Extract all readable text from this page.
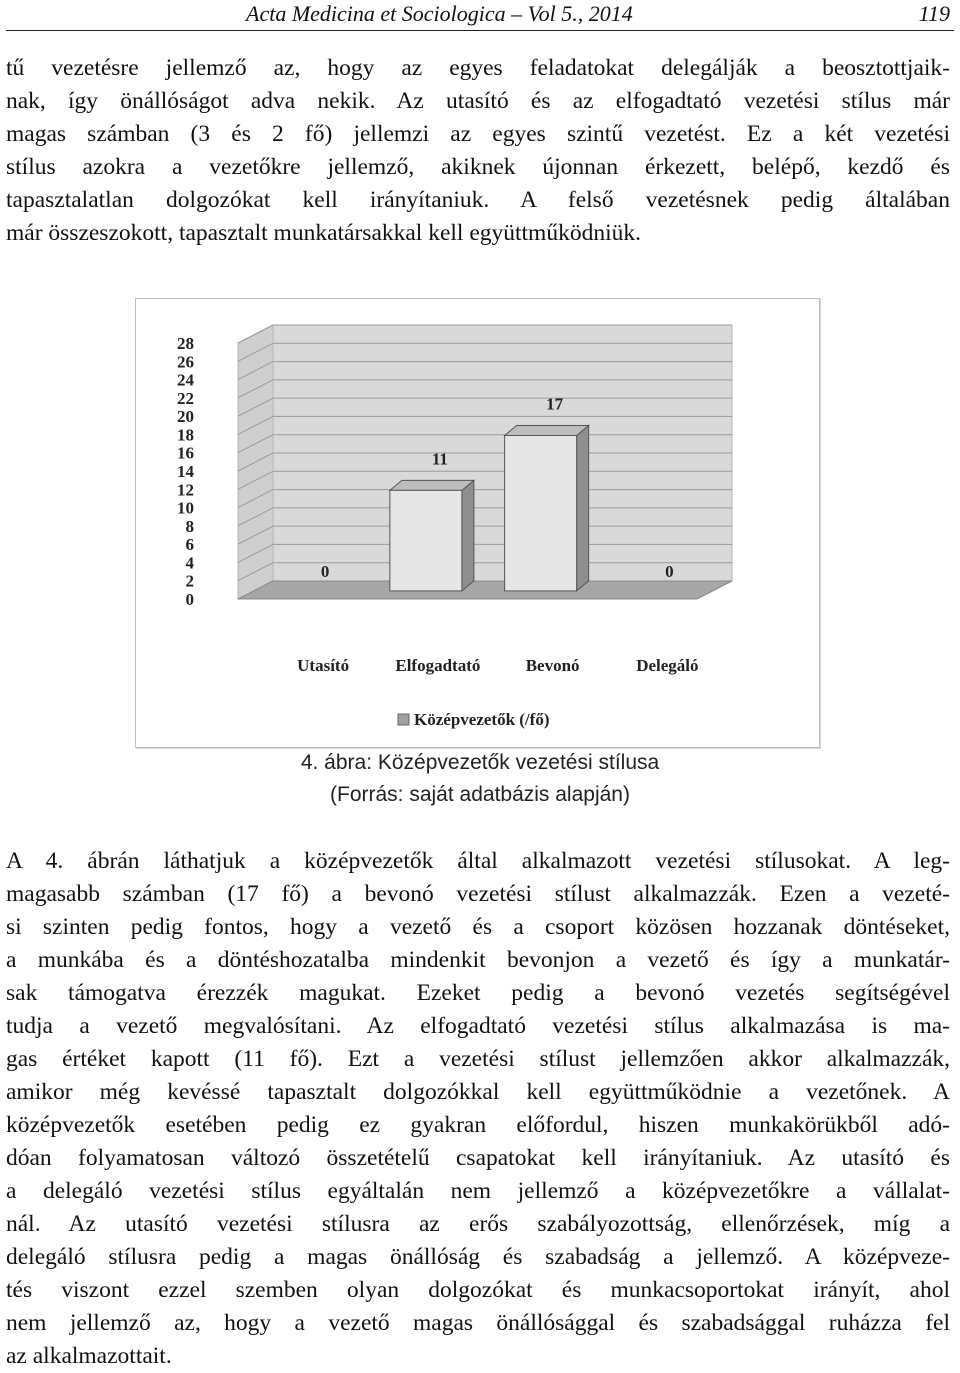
Acta Medicina et Sociologica – Vol 5., 2014	119
tű vezetésre jellemző az, hogy az egyes feladatokat delegálják a beosztottjaik-
nak, így önállóságot adva nekik. Az utasító és az elfogadtató vezetési stílus már
magas számban (3 és 2 fő) jellemzi az egyes szintű vezetést. Ez a két vezetési
stílus azokra a vezetőkre jellemző, akiknek újonnan érkezett, belépő, kezdő és
tapasztalatlan dolgozókat kell irányítaniuk. A felső vezetésnek pedig általában
már összeszokott, tapasztalt munkatársakkal kell együttműködniük.
0
2
4
6
8
10
12
14
16
18
20
22
24
26
28
0
Utasító
11
Elfogadtató
17
Bevonó
0
Delegáló
Középvezetők (/fő)
4. ábra: Középvezetők vezetési stílusa
(Forrás: saját adatbázis alapján)
A 4. ábrán láthatjuk a középvezetők által alkalmazott vezetési stílusokat. A leg-
magasabb számban (17 fő) a bevonó vezetési stílust alkalmazzák. Ezen a vezeté-
si szinten pedig fontos, hogy a vezető és a csoport közösen hozzanak döntéseket,
a munkába és a döntéshozatalba mindenkit bevonjon a vezető és így a munkatár-
sak támogatva érezzék magukat. Ezeket pedig a bevonó vezetés segítségével
tudja a vezető megvalósítani. Az elfogadtató vezetési stílus alkalmazása is ma-
gas értéket kapott (11 fő). Ezt a vezetési stílust jellemzően akkor alkalmazzák,
amikor még kevéssé tapasztalt dolgozókkal kell együttműködnie a vezetőnek. A
középvezetők esetében pedig ez gyakran előfordul, hiszen munkakörükből adó-
dóan folyamatosan változó összetételű csapatokat kell irányítaniuk. Az utasító és
a delegáló vezetési stílus egyáltalán nem jellemző a középvezetőkre a vállalat-
nál. Az utasító vezetési stílusra az erős szabályozottság, ellenőrzések, míg a
delegáló stílusra pedig a magas önállóság és szabadság a jellemző. A középveze-
tés viszont ezzel szemben olyan dolgozókat és munkacsoportokat irányít, ahol
nem jellemző az, hogy a vezető magas önállósággal és szabadsággal ruházza fel
az alkalmazottait.
